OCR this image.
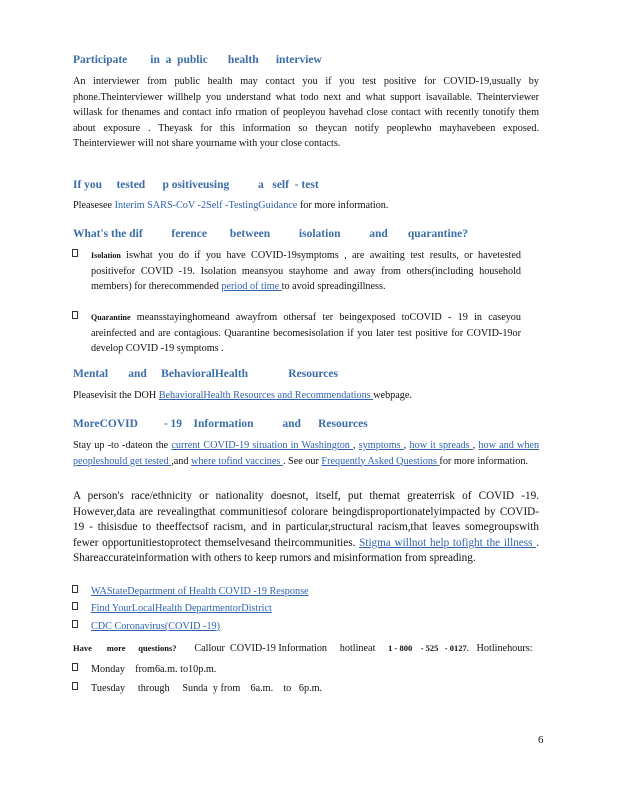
Participate        in  a  public       health      interview
An interviewer from public health may contact you if you test positive for COVID-19,usually by phone.Theinterviewer willhelp you understand what todo next and what support isavailable. Theinterviewer willask for thenames and contact info rmation of peopleyou havehad close contact with recently tonotify them about exposure . Theyask for this information so theycan notify peoplewho mayhavebeen exposed. Theinterviewer will not share yourname with your close contacts.
If you     tested      p ositiveusing          a   self  - test
Pleasesee Interim SARS-CoV -2Self -TestingGuidance for more information.
What's the dif          ference        between          isolation          and       quarantine?
Isolation iswhat you do if you have COVID-19symptoms , are awaiting test results, or havetested positivefor COVID -19. Isolation meansyou stayhome and away from others(including household members) for therecommended period of time to avoid spreadingillness.
Quarantine meansstayinghomeand awayfrom othersaf ter beingexposed toCOVID - 19 in caseyou areinfected and are contagious. Quarantine becomesisolation if you later test positive for COVID-19or develop COVID -19 symptoms .
Mental       and     BehavioralHealth              Resources
Pleasevisit the DOH BehavioralHealth Resources and Recommendations webpage.
MoreCOVID         - 19    Information          and      Resources
Stay up -to -dateon the current COVID-19 situation in Washington , symptoms , how it spreads , how and when peopleshould get tested ,and where tofind vaccines . See our Frequently Asked Questions for more information.
A person's race/ethnicity or nationality doesnot, itself, put themat greaterrisk of COVID -19. However,data are revealingthat communitiesof colorare beingdisproportionatelyimpacted by COVID-19 - thisisdue to theeffectsof racism, and in particular,structural racism,that leaves somegroupswith fewer opportunitiestoprotect themselvesand theircommunities. Stigma willnot help tofight the illness . Shareaccurateinformation with others to keep rumors and misinformation from spreading.
WAStateDepartment of Health COVID -19 Response
Find YourLocalHealth DepartmentorDistrict
CDC Coronavirus(COVID -19)
Have       more      questions?       Callour  COVID-19 Information     hotlineat     1 - 800    - 525   - 0127.   Hotlinehours:
Monday    from6a.m. to10p.m.
Tuesday     through     Sunda  y from    6a.m.    to   6p.m.
6
